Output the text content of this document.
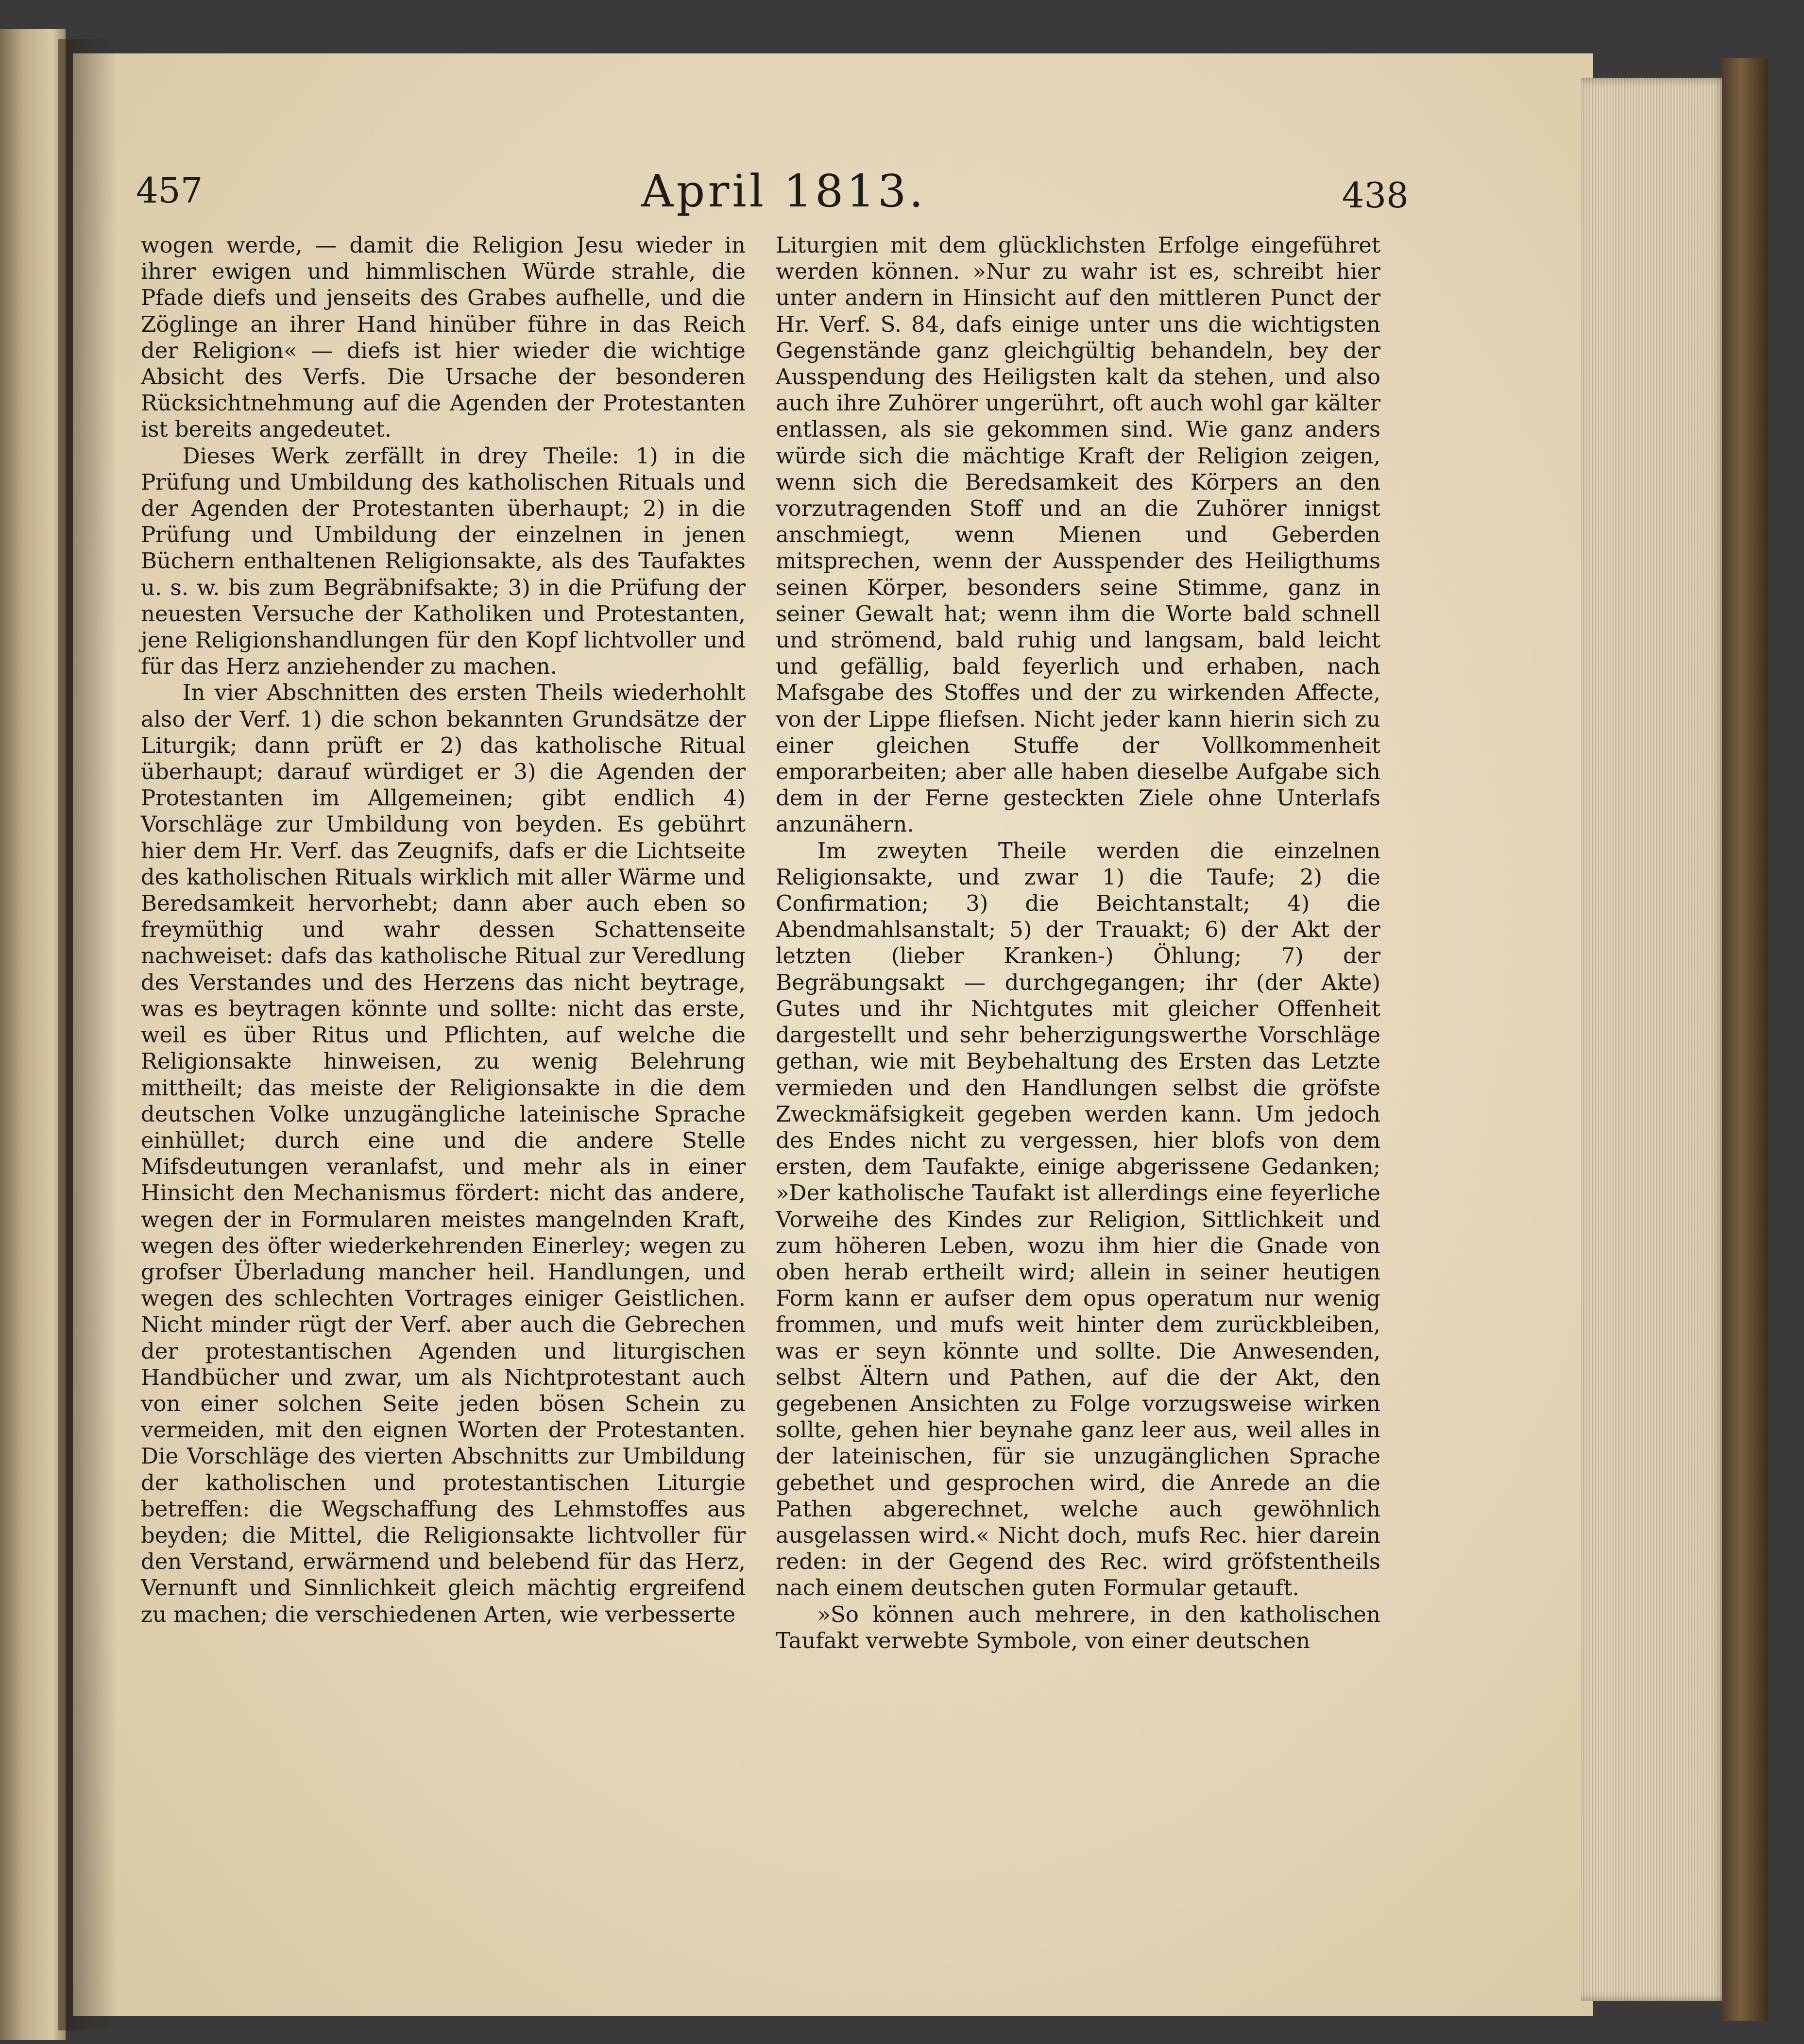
457	April 1813.	438

wogen werde, — damit die Religion Jesu wieder in ihrer ewigen und himmlischen Würde strahle, die Pfade diefs und jenseits des Grabes aufhelle, und die Zöglinge an ihrer Hand hinüber führe in das Reich der Religion« — diefs ist hier wieder die wichtige Absicht des Verfs. Die Ursache der besonderen Rücksichtnehmung auf die Agenden der Protestanten ist bereits angedeutet.

Dieses Werk zerfällt in drey Theile: 1) in die Prüfung und Umbildung des katholischen Rituals und der Agenden der Protestanten überhaupt; 2) in die Prüfung und Umbildung der einzelnen in jenen Büchern enthaltenen Religionsakte, als des Taufaktes u. s. w. bis zum Begräbnifsakte; 3) in die Prüfung der neuesten Versuche der Katholiken und Protestanten, jene Religionshandlungen für den Kopf lichtvoller und für das Herz anziehender zu machen.

In vier Abschnitten des ersten Theils wiederhohlt also der Verf. 1) die schon bekannten Grundsätze der Liturgik; dann prüft er 2) das katholische Ritual überhaupt; darauf würdiget er 3) die Agenden der Protestanten im Allgemeinen; gibt endlich 4) Vorschläge zur Umbildung von beyden. Es gebührt hier dem Hr. Verf. das Zeugnifs, dafs er die Lichtseite des katholischen Rituals wirklich mit aller Wärme und Beredsamkeit hervorhebt; dann aber auch eben so freymüthig und wahr dessen Schattenseite nachweiset: dafs das katholische Ritual zur Veredlung des Verstandes und des Herzens das nicht beytrage, was es beytragen könnte und sollte: nicht das erste, weil es über Ritus und Pflichten, auf welche die Religionsakte hinweisen, zu wenig Belehrung mittheilt; das meiste der Religionsakte in die dem deutschen Volke unzugängliche lateinische Sprache einhüllet; durch eine und die andere Stelle Mifsdeutungen veranlafst, und mehr als in einer Hinsicht den Mechanismus fördert: nicht das andere, wegen der in Formularen meistes mangelnden Kraft, wegen des öfter wiederkehrenden Einerley; wegen zu grofser Überladung mancher heil. Handlungen, und wegen des schlechten Vortrages einiger Geistlichen. Nicht minder rügt der Verf. aber auch die Gebrechen der protestantischen Agenden und liturgischen Handbücher und zwar, um als Nichtprotestant auch von einer solchen Seite jeden bösen Schein zu vermeiden, mit den eignen Worten der Protestanten. Die Vorschläge des vierten Abschnitts zur Umbildung der katholischen und protestantischen Liturgie betreffen: die Wegschaffung des Lehmstoffes aus beyden; die Mittel, die Religionsakte lichtvoller für den Verstand, erwärmend und belebend für das Herz, Vernunft und Sinnlichkeit gleich mächtig ergreifend zu machen; die verschiedenen Arten, wie verbesserte

Liturgien mit dem glücklichsten Erfolge eingeführet werden können. »Nur zu wahr ist es, schreibt hier unter andern in Hinsicht auf den mittleren Punct der Hr. Verf. S. 84, dafs einige unter uns die wichtigsten Gegenstände ganz gleichgültig behandeln, bey der Ausspendung des Heiligsten kalt da stehen, und also auch ihre Zuhörer ungerührt, oft auch wohl gar kälter entlassen, als sie gekommen sind. Wie ganz anders würde sich die mächtige Kraft der Religion zeigen, wenn sich die Beredsamkeit des Körpers an den vorzutragenden Stoff und an die Zuhörer innigst anschmiegt, wenn Mienen und Geberden mitsprechen, wenn der Ausspender des Heiligthums seinen Körper, besonders seine Stimme, ganz in seiner Gewalt hat; wenn ihm die Worte bald schnell und strömend, bald ruhig und langsam, bald leicht und gefällig, bald feyerlich und erhaben, nach Mafsgabe des Stoffes und der zu wirkenden Affecte, von der Lippe fliefsen. Nicht jeder kann hierin sich zu einer gleichen Stuffe der Vollkommenheit emporarbeiten; aber alle haben dieselbe Aufgabe sich dem in der Ferne gesteckten Ziele ohne Unterlafs anzunähern.

Im zweyten Theile werden die einzelnen Religionsakte, und zwar 1) die Taufe; 2) die Confirmation; 3) die Beichtanstalt; 4) die Abendmahlsanstalt; 5) der Trauakt; 6) der Akt der letzten (lieber Kranken-) Öhlung; 7) der Begräbungsakt — durchgegangen; ihr (der Akte) Gutes und ihr Nichtgutes mit gleicher Offenheit dargestellt und sehr beherzigungswerthe Vorschläge gethan, wie mit Beybehaltung des Ersten das Letzte vermieden und den Handlungen selbst die gröfste Zweckmäfsigkeit gegeben werden kann. Um jedoch des Endes nicht zu vergessen, hier blofs von dem ersten, dem Taufakte, einige abgerissene Gedanken; »Der katholische Taufakt ist allerdings eine feyerliche Vorweihe des Kindes zur Religion, Sittlichkeit und zum höheren Leben, wozu ihm hier die Gnade von oben herab ertheilt wird; allein in seiner heutigen Form kann er aufser dem opus operatum nur wenig frommen, und mufs weit hinter dem zurückbleiben, was er seyn könnte und sollte. Die Anwesenden, selbst Ältern und Pathen, auf die der Akt, den gegebenen Ansichten zu Folge vorzugsweise wirken sollte, gehen hier beynahe ganz leer aus, weil alles in der lateinischen, für sie unzugänglichen Sprache gebethet und gesprochen wird, die Anrede an die Pathen abgerechnet, welche auch gewöhnlich ausgelassen wird.« Nicht doch, mufs Rec. hier darein reden: in der Gegend des Rec. wird gröfstentheils nach einem deutschen guten Formular getauft.

»So können auch mehrere, in den katholischen Taufakt verwebte Symbole, von einer deutschen
